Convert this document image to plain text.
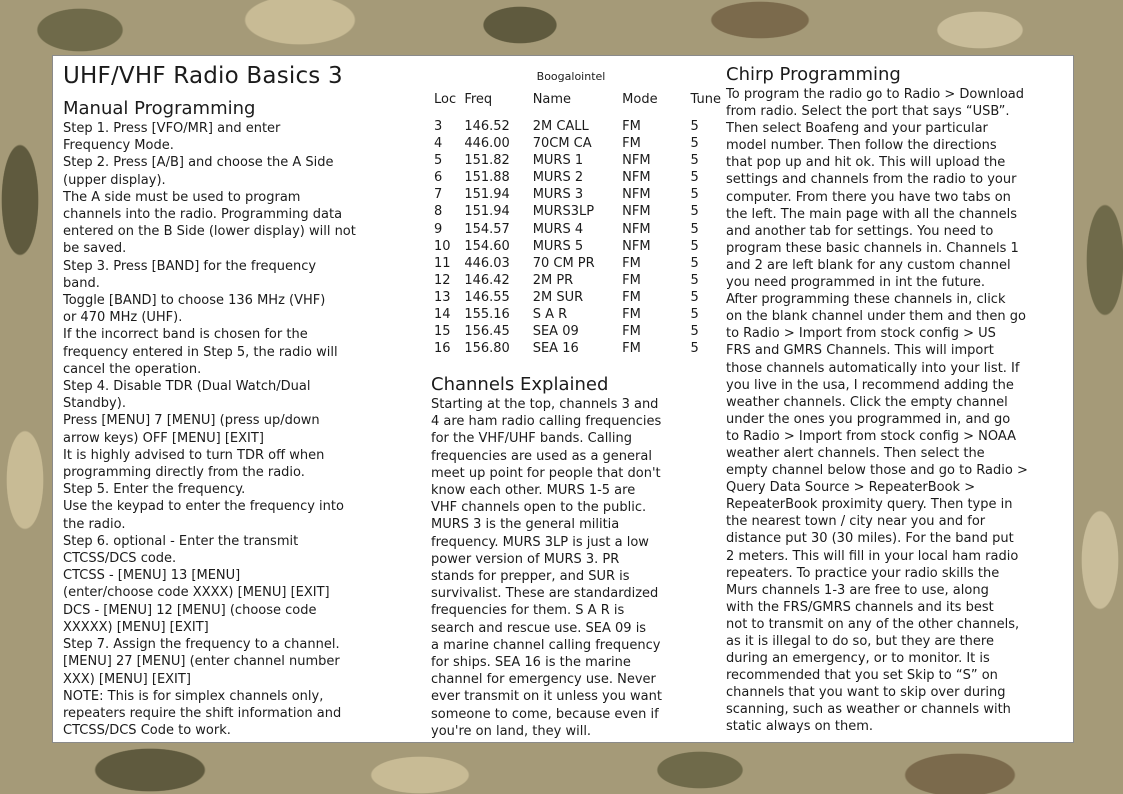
UHF/VHF Radio Basics 3
Manual Programming

Step 1. Press [VFO/MR] and enter

Frequency Mode.

Step 2. Press [A/B] and choose the A Side

(upper display).

The A side must be used to program

channels into the radio. Programming data

entered on the B Side (lower display) will not

be saved.

Step 3. Press [BAND] for the frequency

band.

Toggle [BAND] to choose 136 MHz (VHF)

or 470 MHz (UHF).

If the incorrect band is chosen for the

frequency entered in Step 5, the radio will

cancel the operation.

Step 4. Disable TDR (Dual Watch/Dual

Standby).

Press [MENU] 7 [MENU] (press up/down

arrow keys) OFF [MENU] [EXIT]

It is highly advised to turn TDR off when

programming directly from the radio.

Step 5. Enter the frequency.

Use the keypad to enter the frequency into

the radio.

Step 6. optional - Enter the transmit

CTCSS/DCS code.

CTCSS - [MENU] 13 [MENU]

(enter/choose code XXXX) [MENU] [EXIT]

DCS - [MENU] 12 [MENU] (choose code

XXXXX) [MENU] [EXIT]

Step 7. Assign the frequency to a channel.

[MENU] 27 [MENU] (enter channel number

XXX) [MENU] [EXIT]

NOTE: This is for simplex channels only,

repeaters require the shift information and

CTCSS/DCS Code to work.

Boogalointel

Loc	Freq	Name	Mode	Tune
3	146.52	2M CALL	FM	5
4	446.00	70CM CA	FM	5
5	151.82	MURS 1	NFM	5
6	151.88	MURS 2	NFM	5
7	151.94	MURS 3	NFM	5
8	151.94	MURS3LP	NFM	5
9	154.57	MURS 4	NFM	5
10	154.60	MURS 5	NFM	5
11	446.03	70 CM PR	FM	5
12	146.42	2M PR	FM	5
13	146.55	2M SUR	FM	5
14	155.16	S A R	FM	5
15	156.45	SEA 09	FM	5
16	156.80	SEA 16	FM	5
Channels Explained

Starting at the top, channels 3 and

4 are ham radio calling frequencies

for the VHF/UHF bands. Calling

frequencies are used as a general

meet up point for people that don't

know each other. MURS 1-5 are

VHF channels open to the public.

MURS 3 is the general militia

frequency. MURS 3LP is just a low

power version of MURS 3. PR

stands for prepper, and SUR is

survivalist. These are standardized

frequencies for them. S A R is

search and rescue use. SEA 09 is

a marine channel calling frequency

for ships. SEA 16 is the marine

channel for emergency use. Never

ever transmit on it unless you want

someone to come, because even if

you're on land, they will.

Chirp Programming

To program the radio go to Radio > Download

from radio. Select the port that says “USB”.

Then select Boafeng and your particular

model number. Then follow the directions

that pop up and hit ok. This will upload the

settings and channels from the radio to your

computer. From there you have two tabs on

the left. The main page with all the channels

and another tab for settings. You need to

program these basic channels in. Channels 1

and 2 are left blank for any custom channel

you need programmed in int the future.

After programming these channels in, click

on the blank channel under them and then go

to Radio > Import from stock config > US

FRS and GMRS Channels. This will import

those channels automatically into your list. If

you live in the usa, I recommend adding the

weather channels. Click the empty channel

under the ones you programmed in, and go

to Radio > Import from stock config > NOAA

weather alert channels. Then select the

empty channel below those and go to Radio >

Query Data Source > RepeaterBook >

RepeaterBook proximity query. Then type in

the nearest town / city near you and for

distance put 30 (30 miles). For the band put

2 meters. This will fill in your local ham radio

repeaters. To practice your radio skills the

Murs channels 1-3 are free to use, along

with the FRS/GMRS channels and its best

not to transmit on any of the other channels,

as it is illegal to do so, but they are there

during an emergency, or to monitor. It is

recommended that you set Skip to “S” on

channels that you want to skip over during

scanning, such as weather or channels with

static always on them.
